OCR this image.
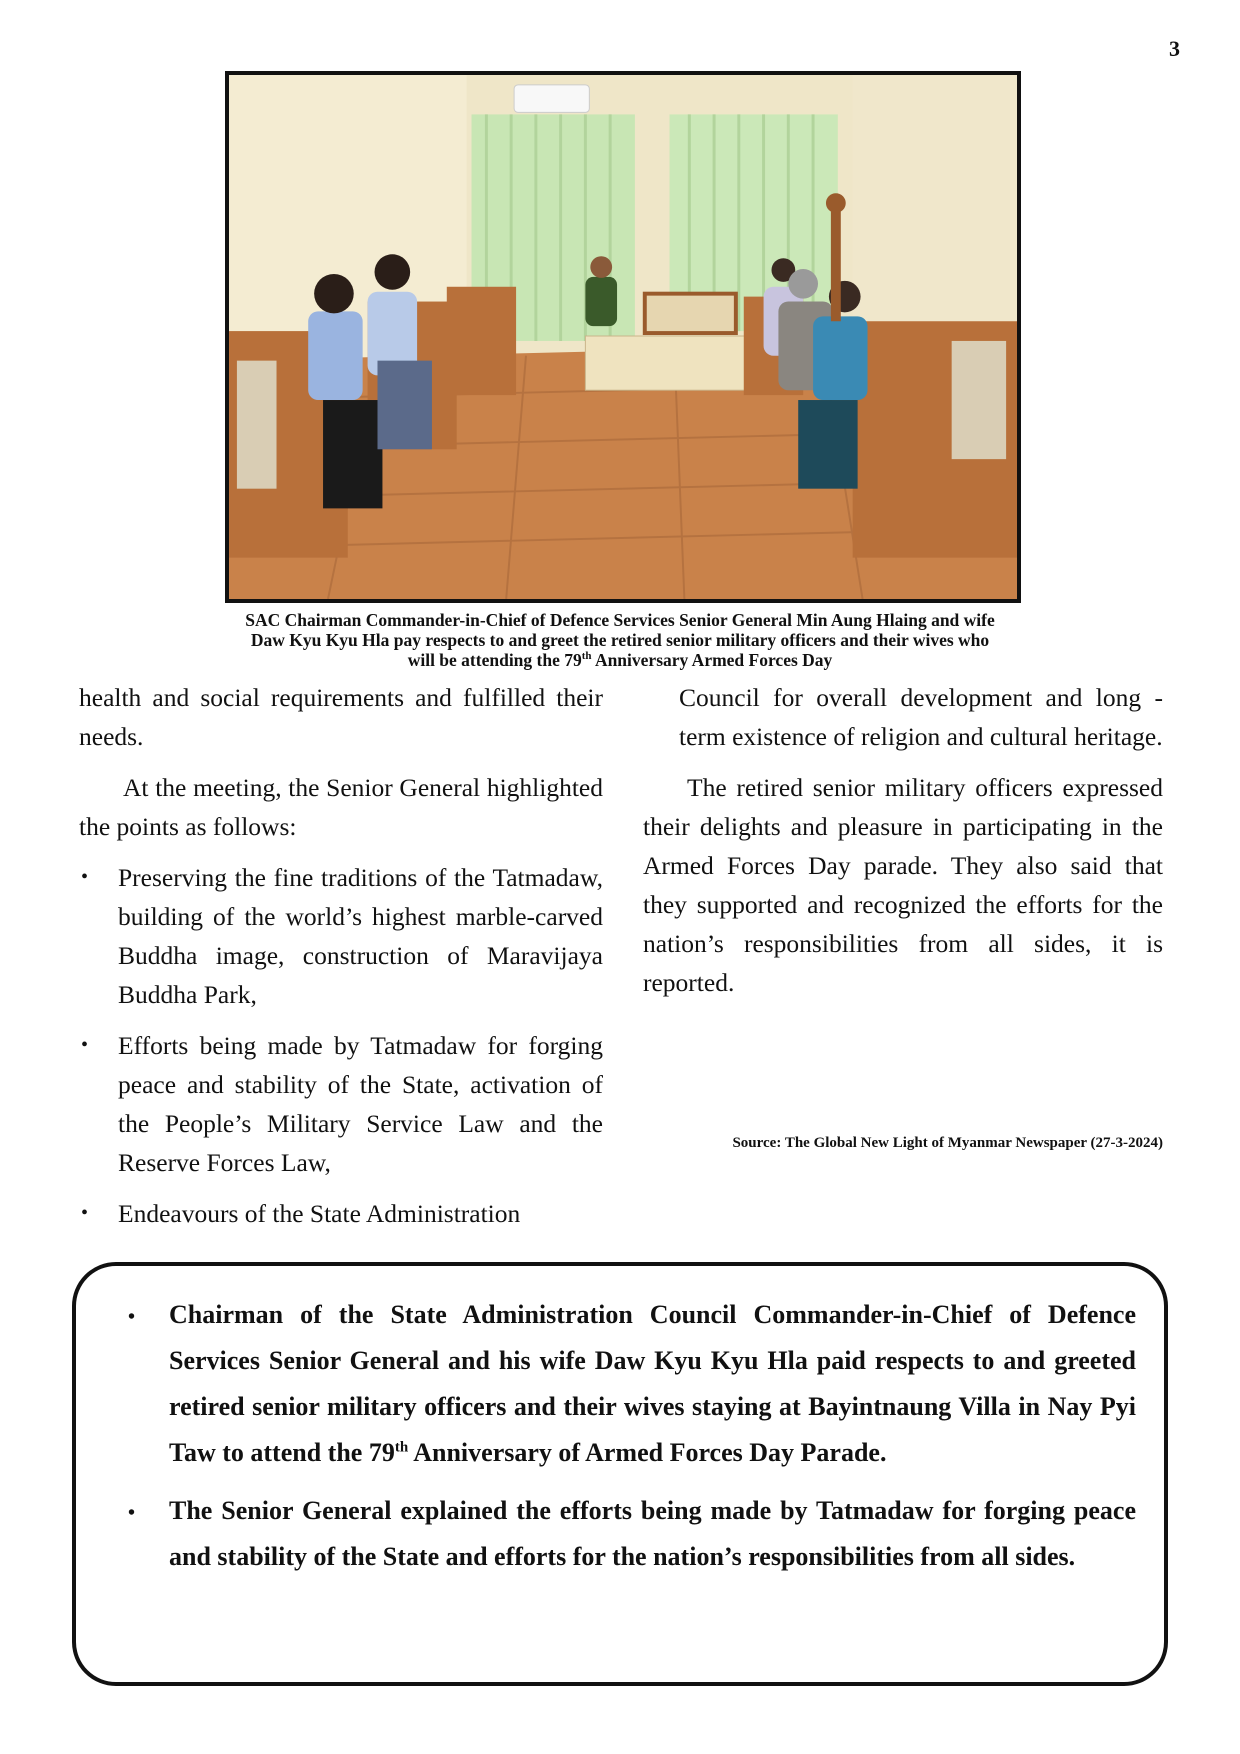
3
SAC Chairman Commander-in-Chief of Defence Services Senior General Min Aung Hlaing and wife
Daw Kyu Kyu Hla pay respects to and greet the retired senior military officers and their wives who
will be attending the 79th Anniversary Armed Forces Day

health and social requirements and fulfilled their needs.

At the meeting, the Senior General highlighted the points as follows:

• Preserving the fine traditions of the Tatmadaw, building of the world’s highest marble-carved Buddha image, construction of Maravijaya Buddha Park,
• Efforts being made by Tatmadaw for forging peace and stability of the State, activation of the People’s Military Service Law and the Reserve Forces Law,
• Endeavours of the State Administration

Council for overall development and long -term existence of religion and cultural heritage.

The retired senior military officers expressed their delights and pleasure in participating in the Armed Forces Day parade. They also said that they supported and recognized the efforts for the nation’s responsibilities from all sides, it is reported.

Source: The Global New Light of Myanmar Newspaper (27-3-2024)
• Chairman of the State Administration Council Commander-in-Chief of Defence Services Senior General and his wife Daw Kyu Kyu Hla paid respects to and greeted retired senior military officers and their wives staying at Bayintnaung Villa in Nay Pyi Taw to attend the 79th Anniversary of Armed Forces Day Parade.
• The Senior General explained the efforts being made by Tatmadaw for forging peace and stability of the State and efforts for the nation’s responsibilities from all sides.
